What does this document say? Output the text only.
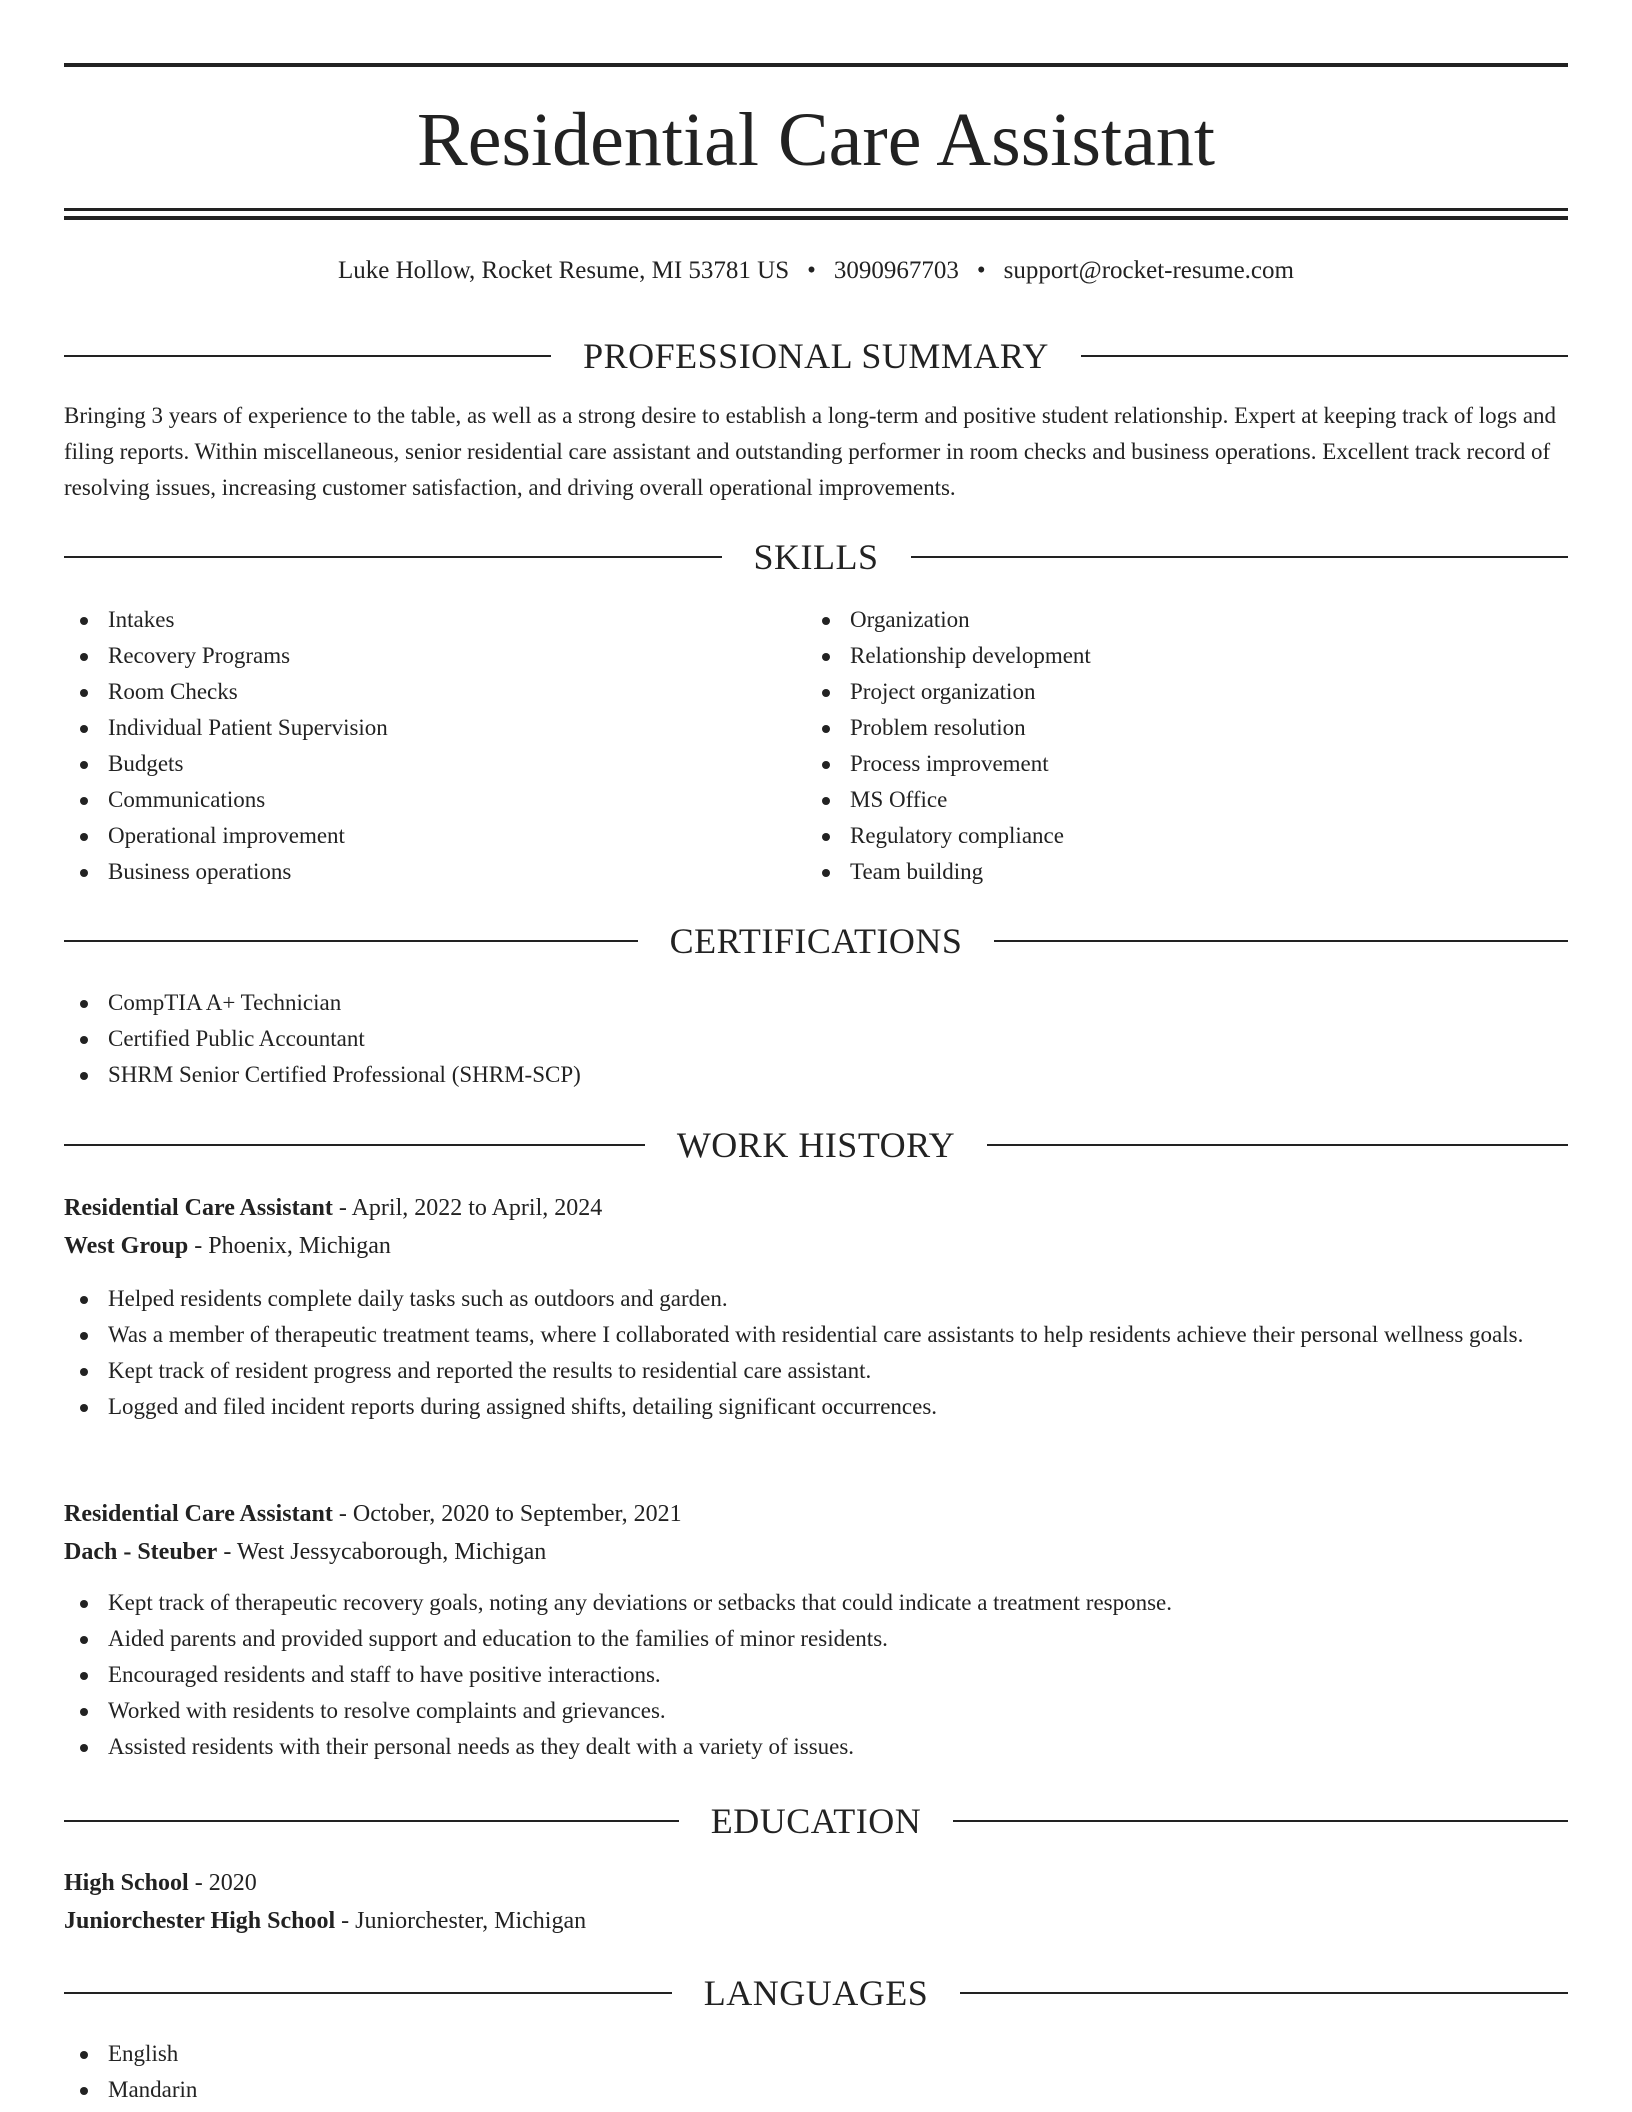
Residential Care Assistant
Luke Hollow, Rocket Resume, MI 53781 US • 3090967703 • support@rocket-resume.com
PROFESSIONAL SUMMARY

Bringing 3 years of experience to the table, as well as a strong desire to establish a long-term and positive student relationship. Expert at keeping track of logs and filing reports. Within miscellaneous, senior residential care assistant and outstanding performer in room checks and business operations. Excellent track record of resolving issues, increasing customer satisfaction, and driving overall operational improvements.

SKILLS
Intakes
Recovery Programs
Room Checks
Individual Patient Supervision
Budgets
Communications
Operational improvement
Business operations
Organization
Relationship development
Project organization
Problem resolution
Process improvement
MS Office
Regulatory compliance
Team building
CERTIFICATIONS
CompTIA A+ Technician
Certified Public Accountant
SHRM Senior Certified Professional (SHRM-SCP)
WORK HISTORY
Residential Care Assistant - April, 2022 to April, 2024
West Group - Phoenix, Michigan
Helped residents complete daily tasks such as outdoors and garden.
Was a member of therapeutic treatment teams, where I collaborated with residential care assistants to help residents achieve their personal wellness goals.
Kept track of resident progress and reported the results to residential care assistant.
Logged and filed incident reports during assigned shifts, detailing significant occurrences.
Residential Care Assistant - October, 2020 to September, 2021
Dach - Steuber - West Jessycaborough, Michigan
Kept track of therapeutic recovery goals, noting any deviations or setbacks that could indicate a treatment response.
Aided parents and provided support and education to the families of minor residents.
Encouraged residents and staff to have positive interactions.
Worked with residents to resolve complaints and grievances.
Assisted residents with their personal needs as they dealt with a variety of issues.
EDUCATION
High School - 2020
Juniorchester High School - Juniorchester, Michigan
LANGUAGES
English
Mandarin
